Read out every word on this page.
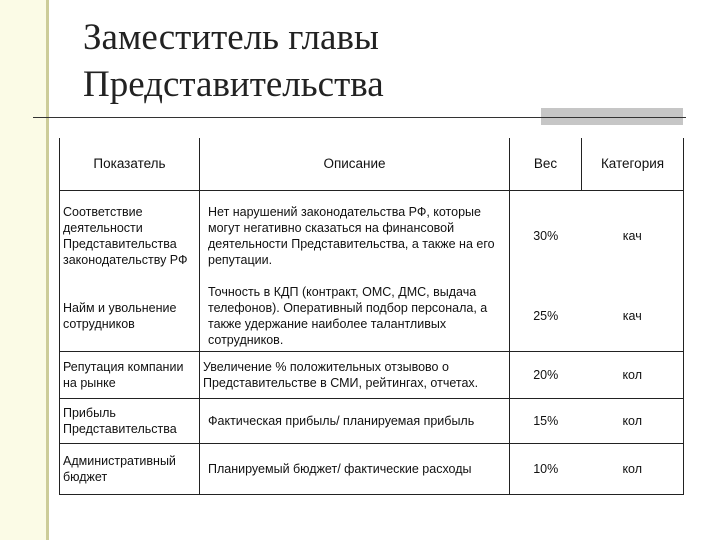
Заместитель главы
Представительства
Показатель	Описание	Вес	Категория
Соответствие деятельности Представительства законодательству РФ	Нет нарушений законодательства РФ, которые могут негативно сказаться на финансовой деятельности Представительства, а также на его репутации.	30%	кач
Найм и увольнение сотрудников	Точность в КДП (контракт, ОМС, ДМС, выдача телефонов). Оперативный подбор персонала, а также удержание наиболее талантливых сотрудников.	25%	кач
Репутация компании на рынке	Увеличение % положительных отзывово о Представительстве в СМИ, рейтингах, отчетах.	20%	кол
Прибыль Представительства	Фактическая прибыль/ планируемая прибыль	15%	кол
Административный бюджет	Планируемый бюджет/ фактические расходы	10%	кол
